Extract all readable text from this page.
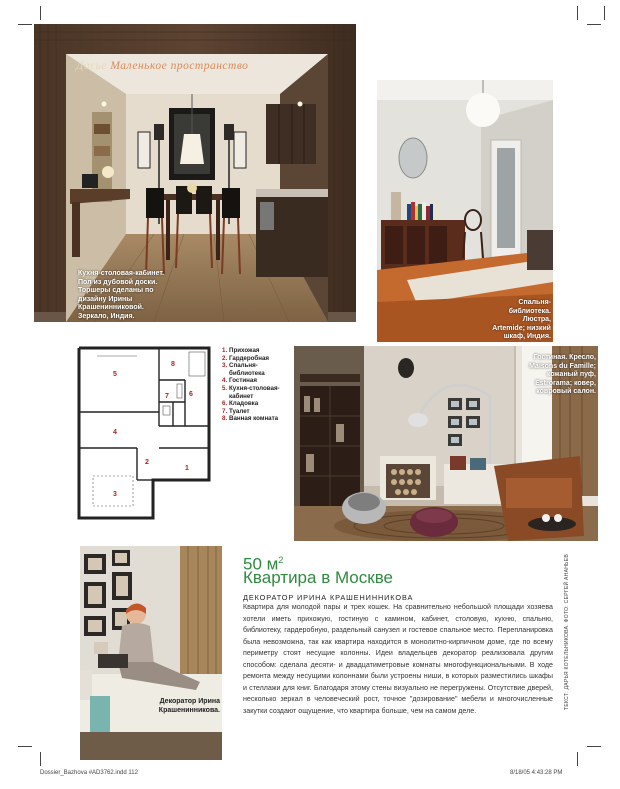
Досье Маленькое пространство
Кухня-столовая-кабинет. Пол из дубовой доски. Торшеры сделаны по дизайну Ирины Крашенинниковой. Зеркало, Индия.
Спальня-библиотека. Люстра, Artemide; низкий шкаф, Индия.
1
2
3
4
5
6
7
8
1. Прихожая
2. Гардеробная
3. Спальня-
библиотека
4. Гостиная
5. Кухня-столовая-
кабинет
6. Кладовка
7. Туалет
8. Ванная комната
Гостиная. Кресло, Maisons du Famille; кожаный пуф, Estrorama; ковер, ковровый салон.
Декоратор Ирина Крашенинникова.
50 $м^2$
Квартира в Москве
ДЕКОРАТОР ИРИНА КРАШЕНИННИКОВА
Квартира для молодой пары и трех кошек. На сравнительно небольшой площади хозяева хотели иметь прихожую, гостиную с камином, кабинет, столовую, кухню, спальню, библиотеку, гардеробную, раздельный санузел и гостевое спальное место. Перепланировка была невозможна, так как квартира находится в монолитно-кирпичном доме, где по всему периметру стоят несущие колонны. Идеи владельцев декоратор реализовала другим способом: сделала десяти- и двадцатиметровые комнаты многофункциональными. В ходе ремонта между несущими колоннами были устроены ниши, в которых разместились шкафы и стеллажи для книг. Благодаря этому стены визуально не перегружены. Отсутствие дверей, несколько зеркал в человеческий рост, точное "дозирование" мебели и многочисленные закутки создают ощущение, что квартира больше, чем на самом деле.
ТЕКСТ: ДАРЬЯ КОТЕЛЬНИКОВА. ФОТО: СЕРГЕЙ АНАНЬЕВ
Dossier_Bazhova #AD3762.indd 112	8/18/05 4:43:28 PM
